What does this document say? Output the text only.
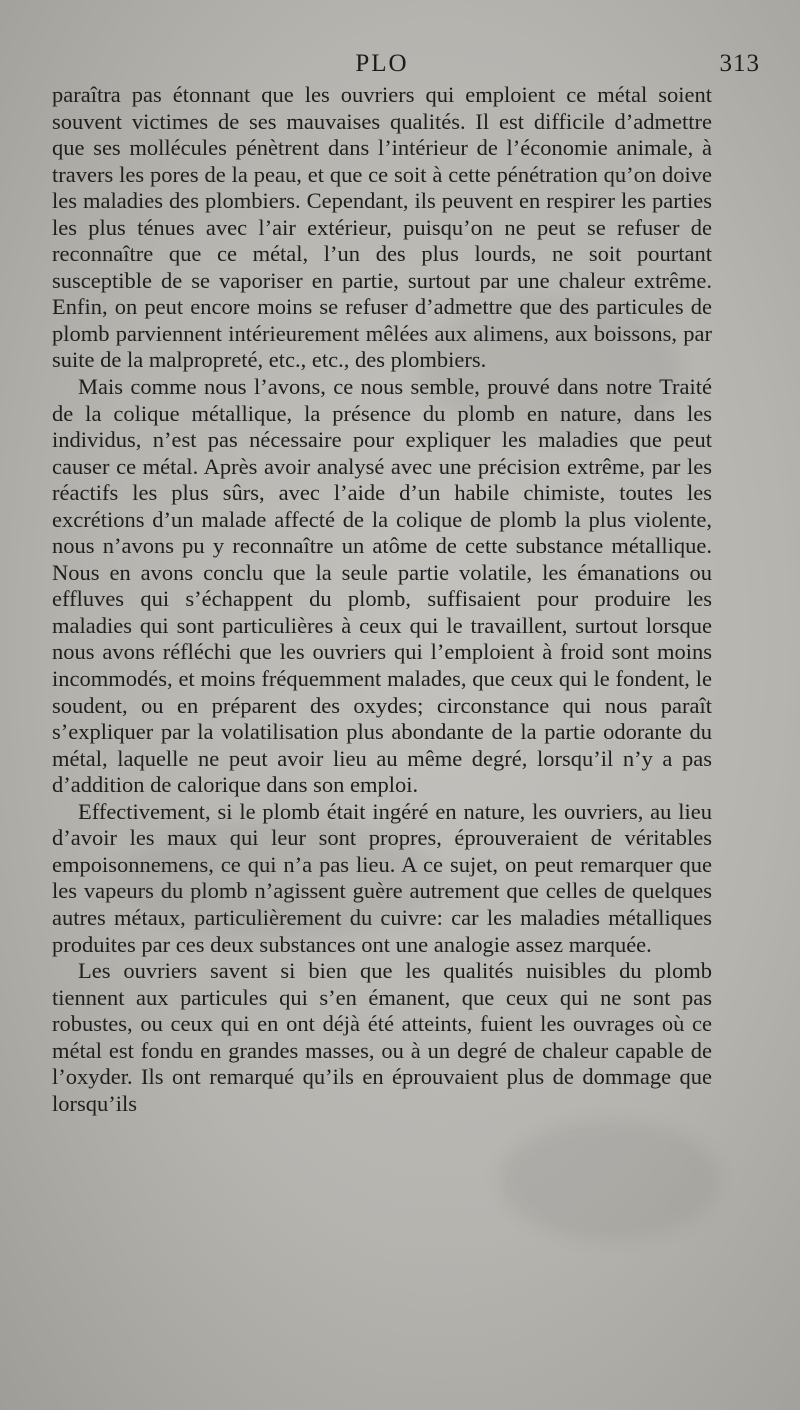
PLO	313

paraîtra pas étonnant que les ouvriers qui emploient ce métal soient souvent victimes de ses mauvaises qualités. Il est difficile d’admettre que ses mollécules pénètrent dans l’intérieur de l’économie animale, à travers les pores de la peau, et que ce soit à cette pénétration qu’on doive les maladies des plombiers. Cependant, ils peuvent en respirer les parties les plus ténues avec l’air extérieur, puisqu’on ne peut se refuser de reconnaître que ce métal, l’un des plus lourds, ne soit pourtant susceptible de se vaporiser en partie, surtout par une chaleur extrême. Enfin, on peut encore moins se refuser d’admettre que des particules de plomb parviennent intérieurement mêlées aux alimens, aux boissons, par suite de la malpropreté, etc., etc., des plombiers.

Mais comme nous l’avons, ce nous semble, prouvé dans notre Traité de la colique métallique, la présence du plomb en nature, dans les individus, n’est pas nécessaire pour expliquer les maladies que peut causer ce métal. Après avoir analysé avec une précision extrême, par les réactifs les plus sûrs, avec l’aide d’un habile chimiste, toutes les excrétions d’un malade affecté de la colique de plomb la plus violente, nous n’avons pu y reconnaître un atôme de cette substance métallique. Nous en avons conclu que la seule partie volatile, les émanations ou effluves qui s’échappent du plomb, suffisaient pour produire les maladies qui sont particulières à ceux qui le travaillent, surtout lorsque nous avons réfléchi que les ouvriers qui l’emploient à froid sont moins incommodés, et moins fréquemment malades, que ceux qui le fondent, le soudent, ou en préparent des oxydes; circonstance qui nous paraît s’expliquer par la volatilisation plus abondante de la partie odorante du métal, laquelle ne peut avoir lieu au même degré, lorsqu’il n’y a pas d’addition de calorique dans son emploi.

Effectivement, si le plomb était ingéré en nature, les ouvriers, au lieu d’avoir les maux qui leur sont propres, éprouveraient de véritables empoisonnemens, ce qui n’a pas lieu. A ce sujet, on peut remarquer que les vapeurs du plomb n’agissent guère autrement que celles de quelques autres métaux, particulièrement du cuivre: car les maladies métalliques produites par ces deux substances ont une analogie assez marquée.

Les ouvriers savent si bien que les qualités nuisibles du plomb tiennent aux particules qui s’en émanent, que ceux qui ne sont pas robustes, ou ceux qui en ont déjà été atteints, fuient les ouvrages où ce métal est fondu en grandes masses, ou à un degré de chaleur capable de l’oxyder. Ils ont remarqué qu’ils en éprouvaient plus de dommage que lorsqu’ils
